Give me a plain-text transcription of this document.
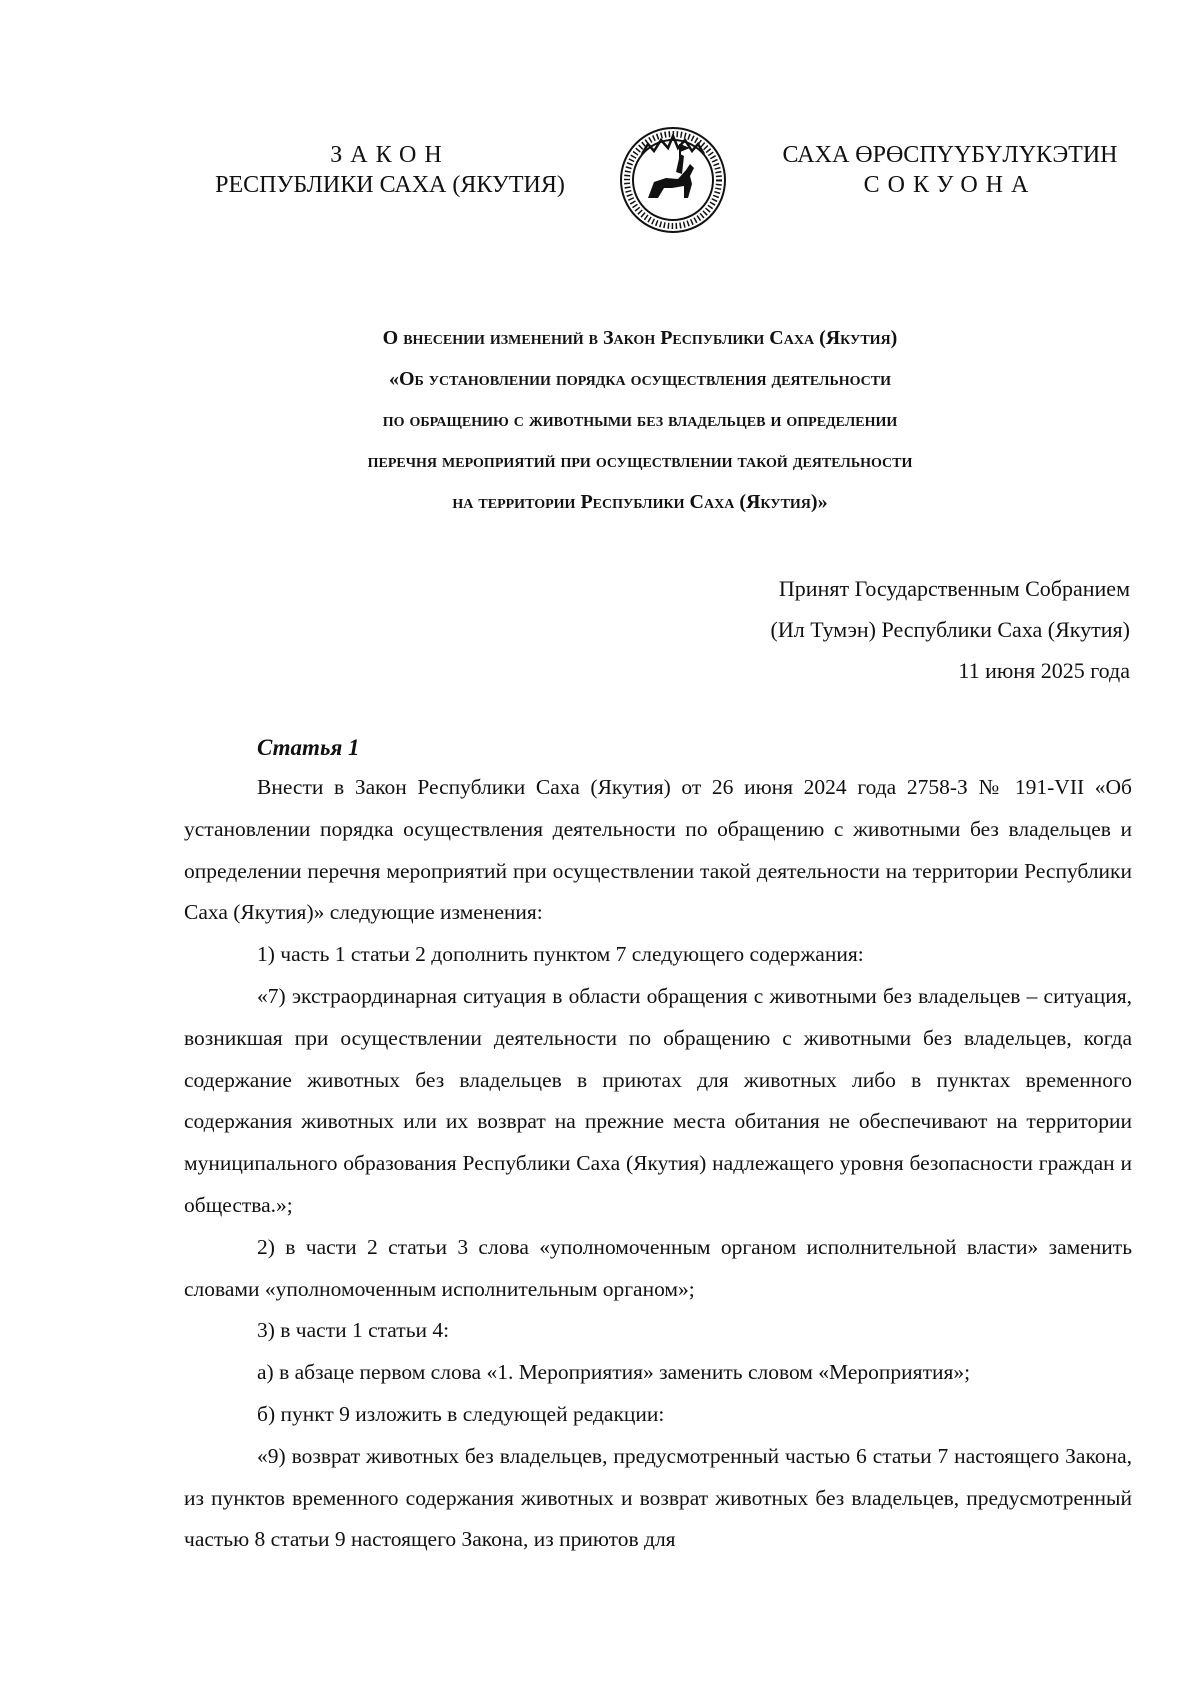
ЗАКОН
РЕСПУБЛИКИ САХА (ЯКУТИЯ)
САХА ӨРӨСПҮҮБҮЛҮКЭТИН
СОКУОНА
О внесении изменений в Закон Республики Саха (Якутия)
«Об установлении порядка осуществления деятельности
по обращению с животными без владельцев и определении
перечня мероприятий при осуществлении такой деятельности
на территории Республики Саха (Якутия)»
Принят Государственным Собранием
(Ил Тумэн) Республики Саха (Якутия)
11 июня 2025 года
Статья 1

Внести в Закон Республики Саха (Якутия) от 26 июня 2024 года 2758-З № 191-VII «Об установлении порядка осуществления деятельности по обращению с животными без владельцев и определении перечня мероприятий при осуществлении такой деятельности на территории Республики Саха (Якутия)» следующие изменения:

1) часть 1 статьи 2 дополнить пунктом 7 следующего содержания:

«7) экстраординарная ситуация в области обращения с животными без владельцев – ситуация, возникшая при осуществлении деятельности по обращению с животными без владельцев, когда содержание животных без владельцев в приютах для животных либо в пунктах временного содержания животных или их возврат на прежние места обитания не обеспечивают на территории муниципального образования Республики Саха (Якутия) надлежащего уровня безопасности граждан и общества.»;

2) в части 2 статьи 3 слова «уполномоченным органом исполнительной власти» заменить словами «уполномоченным исполнительным органом»;

3) в части 1 статьи 4:

а) в абзаце первом слова «1. Мероприятия» заменить словом «Мероприятия»;

б) пункт 9 изложить в следующей редакции:

«9) возврат животных без владельцев, предусмотренный частью 6 статьи 7 настоящего Закона, из пунктов временного содержания животных и возврат животных без владельцев, предусмотренный частью 8 статьи 9 настоящего Закона, из приютов для
